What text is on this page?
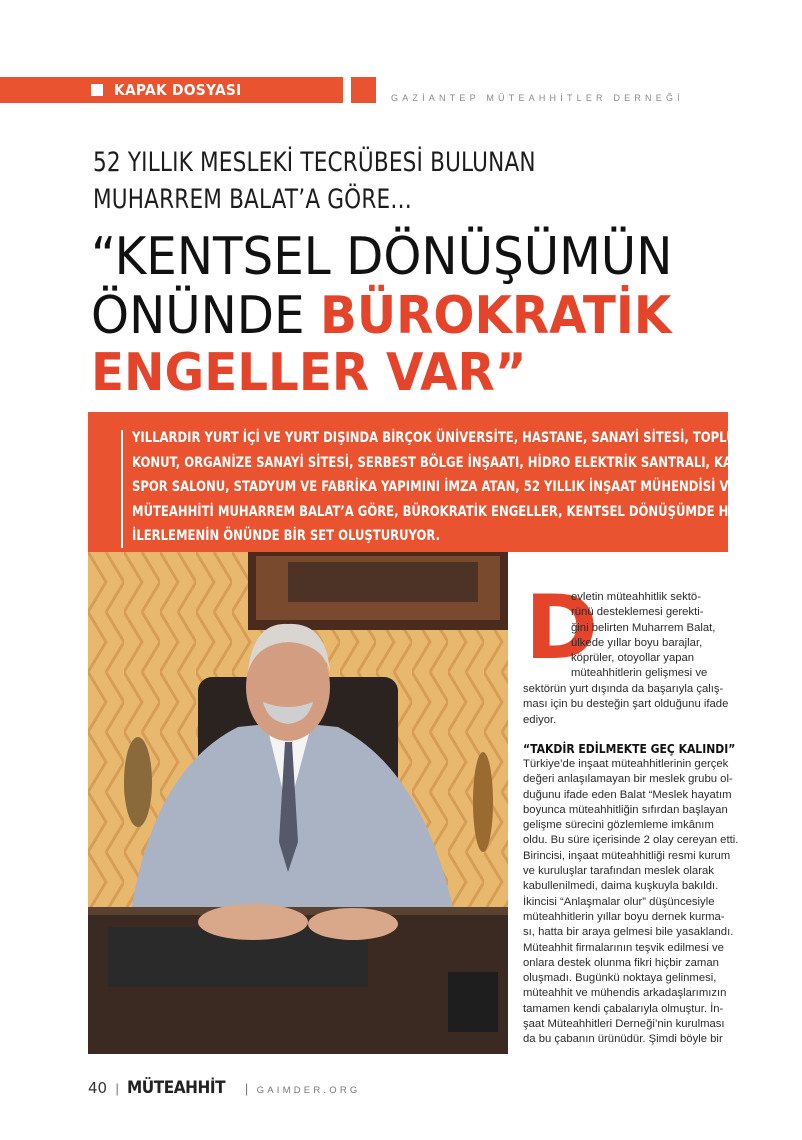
KAPAK DOSYASI	GAZİANTEP MÜTEAHHİTLER DERNEĞİ
52 YILLIK MESLEKİ TECRÜBESİ BULUNAN
MUHARREM BALAT’A GÖRE…
“KENTSEL DÖNÜŞÜMÜN
ÖNÜNDE BÜROKRATİK
ENGELLER VAR”

YILLARDIR YURT İÇİ VE YURT DIŞINDA BİRÇOK ÜNİVERSİTE, HASTANE, SANAYİ SİTESİ, TOPLU
KONUT, ORGANİZE SANAYİ SİTESİ, SERBEST BÖLGE İNŞAATI, HİDRO ELEKTRİK SANTRALI, KAPALI
SPOR SALONU, STADYUM VE FABRİKA YAPIMINI İMZA ATAN, 52 YILLIK İNŞAAT MÜHENDİSİ VE
MÜTEAHHİTİ MUHARREM BALAT’A GÖRE, BÜROKRATİK ENGELLER, KENTSEL DÖNÜŞÜMDE HIZLI
İLERLEMENİN ÖNÜNDE BİR SET OLUŞTURUYOR.

D
evletin müteahhitlik sektö-
rünü desteklemesi gerekti-
ğini belirten Muharrem Balat,
ülkede yıllar boyu barajlar,
köprüler, otoyollar yapan
müteahhitlerin gelişmesi ve
sektörün yurt dışında da başarıyla çalış-
ması için bu desteğin şart olduğunu ifade
ediyor.
“TAKDİR EDİLMEKTE GEÇ KALINDI”
Türkiye’de inşaat müteahhitlerinin gerçek
değeri anlaşılamayan bir meslek grubu ol-
duğunu ifade eden Balat “Meslek hayatım
boyunca müteahhitliğin sıfırdan başlayan
gelişme sürecini gözlemleme imkânım
oldu. Bu süre içerisinde 2 olay cereyan etti.
Birincisi, inşaat müteahhitliği resmi kurum
ve kuruluşlar tarafından meslek olarak
kabullenilmedi, daima kuşkuyla bakıldı.
İkincisi “Anlaşmalar olur” düşüncesiyle
müteahhitlerin yıllar boyu dernek kurma-
sı, hatta bir araya gelmesi bile yasaklandı.
Müteahhit firmalarının teşvik edilmesi ve
onlara destek olunma fikri hiçbir zaman
oluşmadı. Bugünkü noktaya gelinmesi,
müteahhit ve mühendis arkadaşlarımızın
tamamen kendi çabalarıyla olmuştur. İn-
şaat Müteahhitleri Derneği’nin kurulması
da bu çabanın ürünüdür. Şimdi böyle bir
40 | MÜTEAHHİT | GAIMDER.ORG
